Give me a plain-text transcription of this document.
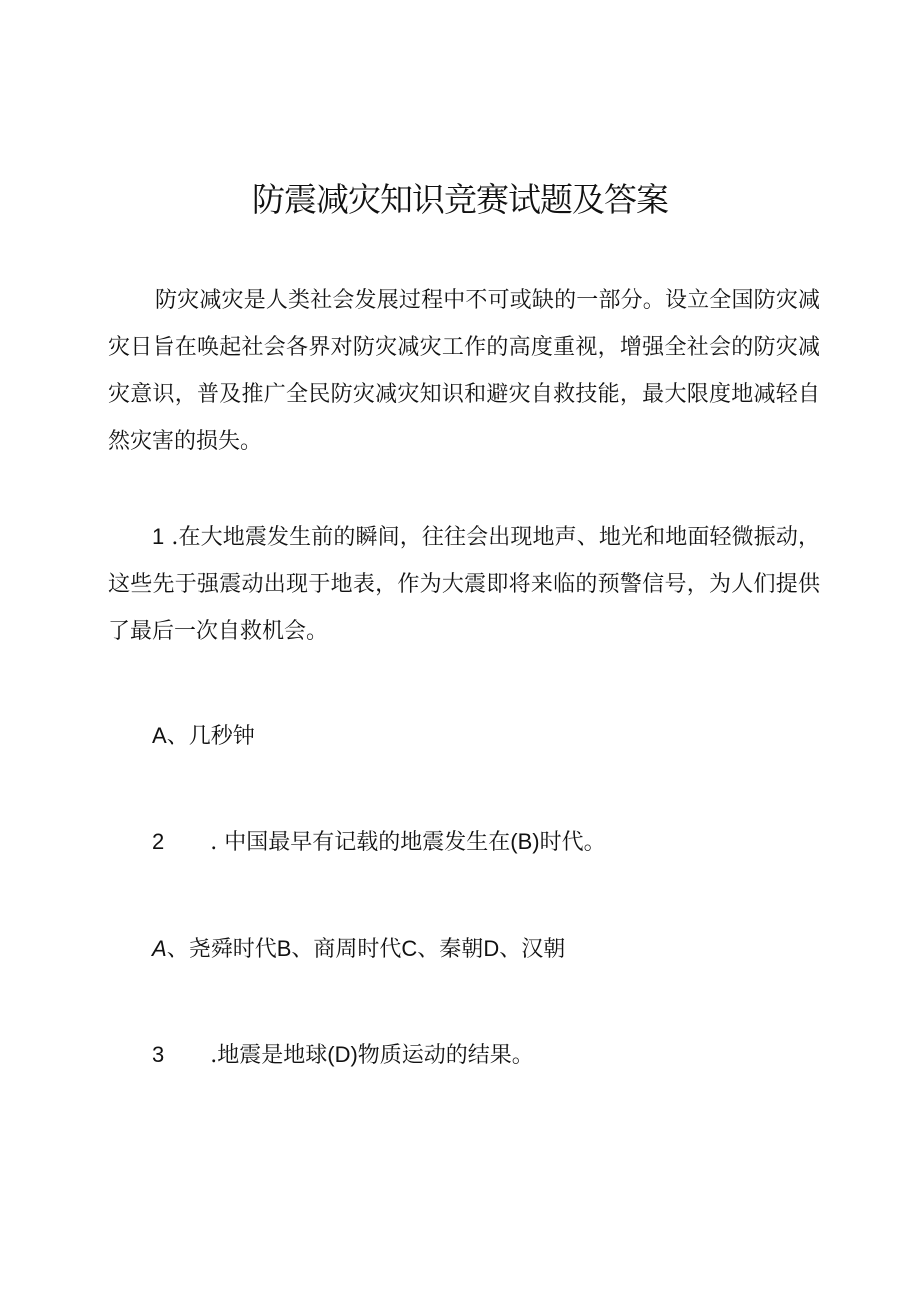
防震减灾知识竞赛试题及答案

防灾减灾是人类社会发展过程中不可或缺的一部分。设立全国防灾减灾日旨在唤起社会各界对防灾减灾工作的高度重视，增强全社会的防灾减灾意识，普及推广全民防灾减灾知识和避灾自救技能，最大限度地减轻自然灾害的损失。

1 .在大地震发生前的瞬间，往往会出现地声、地光和地面轻微振动，这些先于强震动出现于地表，作为大震即将来临的预警信号，为人们提供了最后一次自救机会。

A、几秒钟

2 . 中国最早有记载的地震发生在(B)时代。

A、尧舜时代B、商周时代C、秦朝D、汉朝

3 .地震是地球(D)物质运动的结果。
